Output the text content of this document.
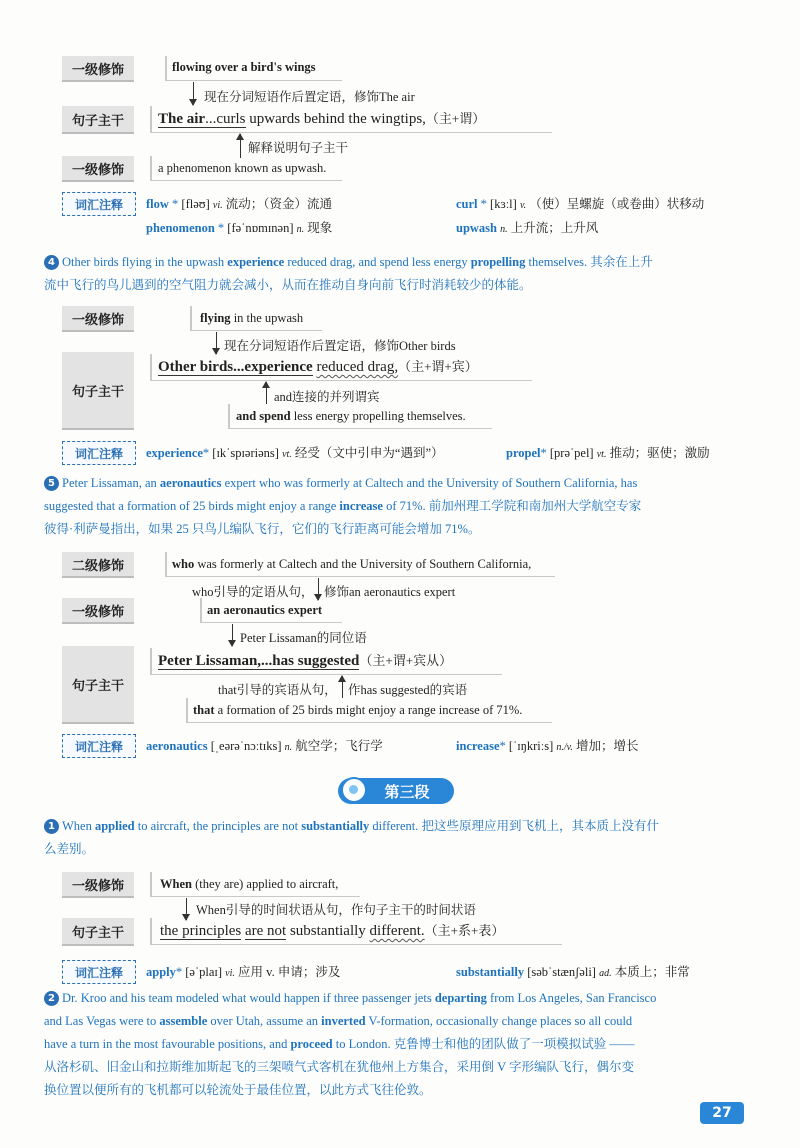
一级修饰	flowing over a bird's wings
现在分词短语作后置定语，修饰The air
句子主干	The air...curls upwards behind the wingtips,（主+谓）
解释说明句子主干
一级修饰	a phenomenon known as upwash.
词汇注释	flow * [fləʊ] vi. 流动；（资金）流通	curl * [kɜːl] v. （使）呈螺旋（或卷曲）状移动
phenomenon * [fəˈnɒmɪnən] n. 现象	upwash n. 上升流；上升风
4 Other birds flying in the upwash experience reduced drag, and spend less energy propelling themselves. 其余在上升
流中飞行的鸟儿遇到的空气阻力就会减小，从而在推动自身向前飞行时消耗较少的体能。
一级修饰	flying in the upwash
现在分词短语作后置定语，修饰Other birds
句子主干
Other birds...experience reduced drag,（主+谓+宾）
and连接的并列谓宾
and spend less energy propelling themselves.
词汇注释	experience* [ɪkˈspɪəriəns] vt. 经受（文中引申为“遇到”）	propel* [prəˈpel] vt. 推动；驱使；激励
5 Peter Lissaman, an aeronautics expert who was formerly at Caltech and the University of Southern California, has
suggested that a formation of 25 birds might enjoy a range increase of 71%. 前加州理工学院和南加州大学航空专家
彼得·利萨曼指出，如果 25 只鸟儿编队飞行，它们的飞行距离可能会增加 71%。
二级修饰	who was formerly at Caltech and the University of Southern California,
who引导的定语从句， 修饰an aeronautics expert
一级修饰	an aeronautics expert
Peter Lissaman的同位语
句子主干
Peter Lissaman,...has suggested（主+谓+宾从）
that引导的宾语从句， 作has suggested的宾语
that a formation of 25 birds might enjoy a range increase of 71%.
词汇注释	aeronautics [ˌeərəˈnɔːtɪks] n. 航空学；飞行学	increase* [ˈɪŋkriːs] n./v. 增加；增长
第三段
1 When applied to aircraft, the principles are not substantially different. 把这些原理应用到飞机上，其本质上没有什
么差别。
一级修饰	When (they are) applied to aircraft,
When引导的时间状语从句，作句子主干的时间状语
句子主干	the principles are not substantially different.（主+系+表）
词汇注释	apply* [əˈplaɪ] vi. 应用 v. 申请；涉及	substantially [səbˈstænʃəli] ad. 本质上；非常
2 Dr. Kroo and his team modeled what would happen if three passenger jets departing from Los Angeles, San Francisco
and Las Vegas were to assemble over Utah, assume an inverted V-formation, occasionally change places so all could
have a turn in the most favourable positions, and proceed to London. 克鲁博士和他的团队做了一项模拟试验 ——
从洛杉矶、旧金山和拉斯维加斯起飞的三架喷气式客机在犹他州上方集合，采用倒 V 字形编队飞行，偶尔变
换位置以便所有的飞机都可以轮流处于最佳位置，以此方式飞往伦敦。
27
